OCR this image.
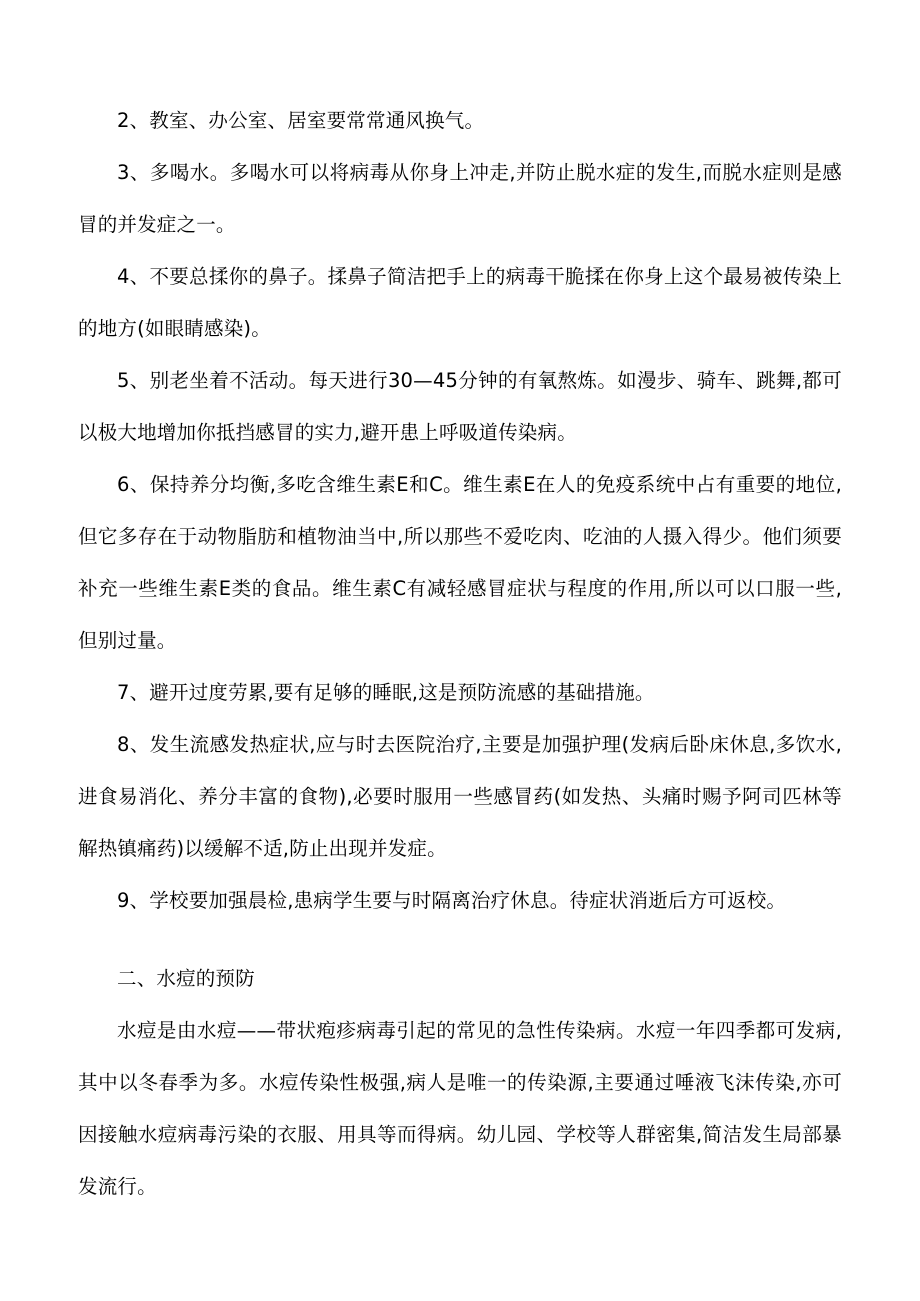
2、教室、办公室、居室要常常通风换气。

3、多喝水。多喝水可以将病毒从你身上冲走,并防止脱水症的发生,而脱水症则是感冒的并发症之一。

4、不要总揉你的鼻子。揉鼻子简洁把手上的病毒干脆揉在你身上这个最易被传染上的地方(如眼睛感染)。

5、别老坐着不活动。每天进行30—45分钟的有氧熬炼。如漫步、骑车、跳舞,都可以极大地增加你抵挡感冒的实力,避开患上呼吸道传染病。

6、保持养分均衡,多吃含维生素E和C。维生素E在人的免疫系统中占有重要的地位,但它多存在于动物脂肪和植物油当中,所以那些不爱吃肉、吃油的人摄入得少。他们须要补充一些维生素E类的食品。维生素C有减轻感冒症状与程度的作用,所以可以口服一些,但别过量。

7、避开过度劳累,要有足够的睡眠,这是预防流感的基础措施。

8、发生流感发热症状,应与时去医院治疗,主要是加强护理(发病后卧床休息,多饮水,进食易消化、养分丰富的食物),必要时服用一些感冒药(如发热、头痛时赐予阿司匹林等解热镇痛药)以缓解不适,防止出现并发症。

9、学校要加强晨检,患病学生要与时隔离治疗休息。待症状消逝后方可返校。

二、水痘的预防

水痘是由水痘——带状疱疹病毒引起的常见的急性传染病。水痘一年四季都可发病,其中以冬春季为多。水痘传染性极强,病人是唯一的传染源,主要通过唾液飞沫传染,亦可因接触水痘病毒污染的衣服、用具等而得病。幼儿园、学校等人群密集,简洁发生局部暴发流行。
